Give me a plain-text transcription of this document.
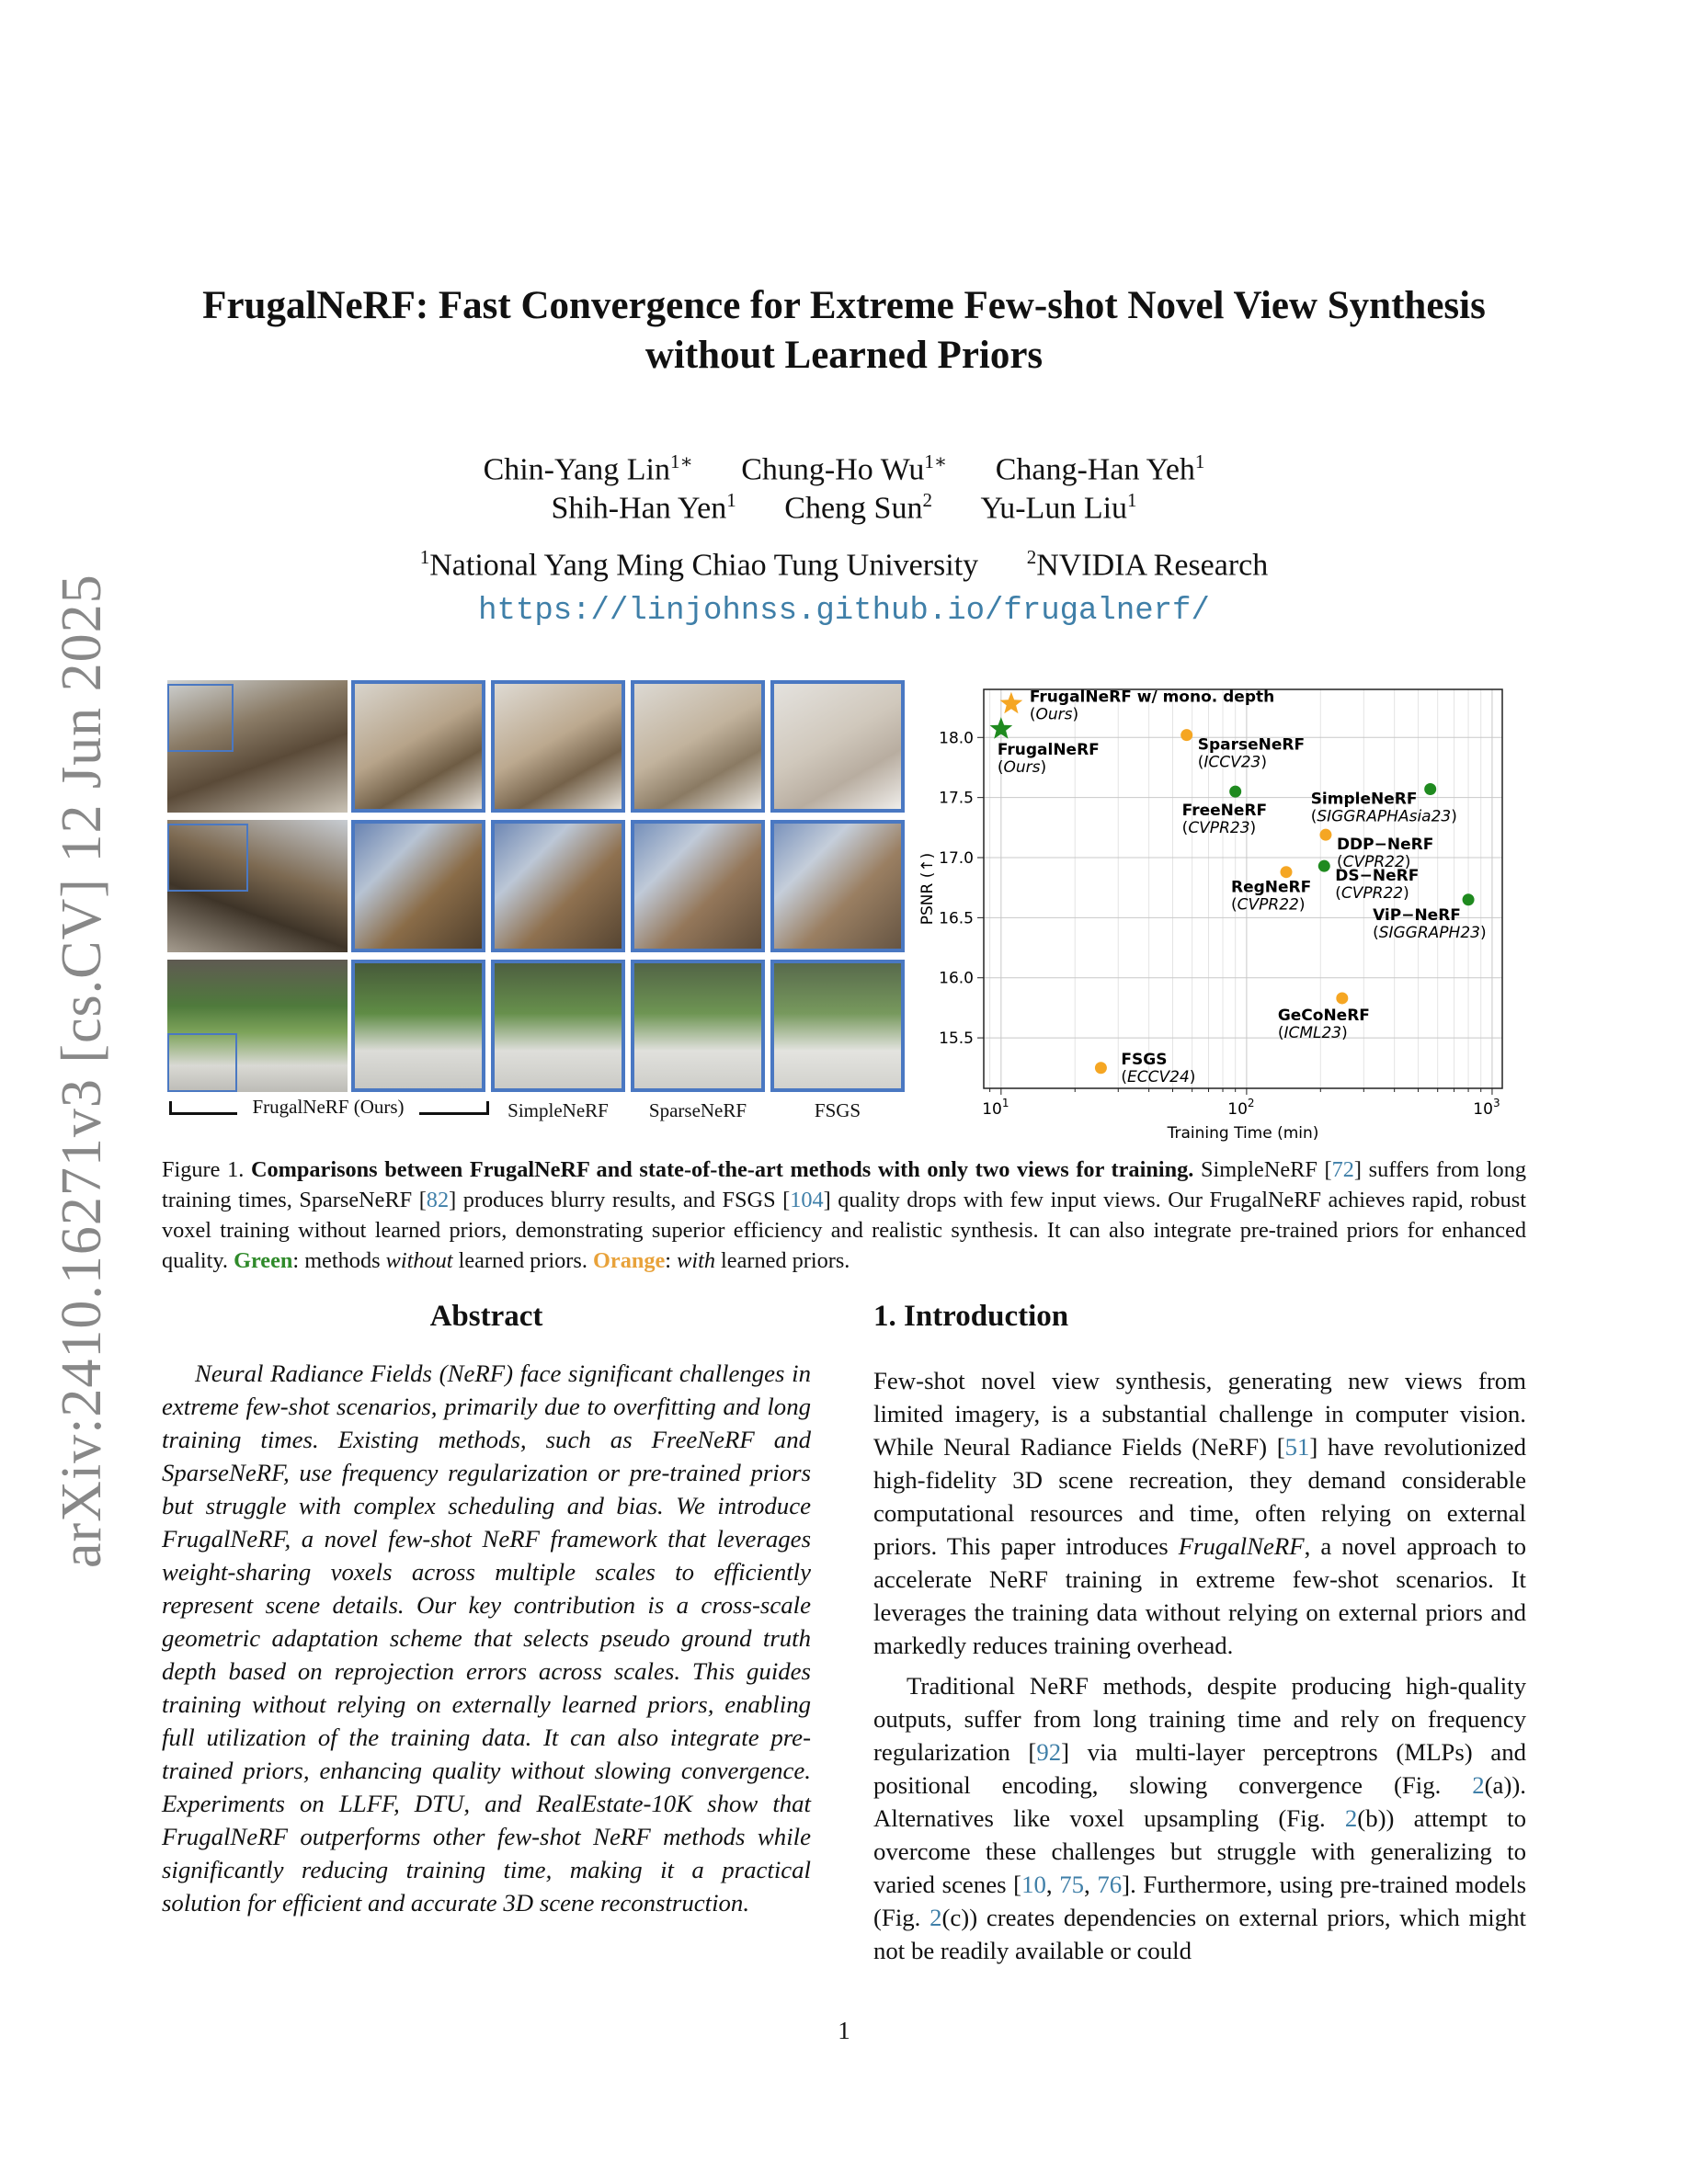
arXiv:2410.16271v3 [cs.CV] 12 Jun 2025
FrugalNeRF: Fast Convergence for Extreme Few-shot Novel View Synthesis
without Learned Priors
Chin-Yang Lin$^{1∗}$ Chung-Ho $Wu^{1∗}$ Chang-Han Yeh$^1$
Shih-Han Yen$^1$ Cheng Sun$^2$ Yu-Lun Liu$^1$
$^1$National Yang Ming Chiao Tung University	$^2$NVIDIA Research
https://linjohnss.github.io/frugalnerf/
FrugalNeRF (Ours)	SimpleNeRF	SparseNeRF	FSGS
15.5
16.0
16.5
17.0
17.5
18.0
$10^1$	$10^2$	$10^3$
FrugalNeRF w/ mono. depth
(Ours)
FrugalNeRF
(Ours)
SparseNeRF
(ICCV23)
FreeNeRF
(CVPR23)
SimpleNeRF
(SIGGRAPHAsia23)
DDP−NeRF
(CVPR22)
RegNeRF
(CVPR22)
DS−NeRF
(CVPR22)
ViP−NeRF
(SIGGRAPH23)
GeCoNeRF
(ICML23)
FSGS
(ECCV24)
Training Time (min)
PSNR (↑)
Figure 1. Comparisons between FrugalNeRF and state-of-the-art methods with only two views for training. SimpleNeRF [72] suffers from long training times, SparseNeRF [82] produces blurry results, and FSGS [104] quality drops with few input views. Our FrugalNeRF achieves rapid, robust voxel training without learned priors, demonstrating superior efficiency and realistic synthesis. It can also integrate pre-trained priors for enhanced quality. Green: methods without learned priors. Orange: with learned priors.
Abstract
Neural Radiance Fields (NeRF) face significant challenges in extreme few-shot scenarios, primarily due to overfitting and long training times. Existing methods, such as FreeNeRF and SparseNeRF, use frequency regularization or pre-trained priors but struggle with complex scheduling and bias. We introduce FrugalNeRF, a novel few-shot NeRF framework that leverages weight-sharing voxels across multiple scales to efficiently represent scene details. Our key contribution is a cross-scale geometric adaptation scheme that selects pseudo ground truth depth based on reprojection errors across scales. This guides training without relying on externally learned priors, enabling full utilization of the training data. It can also integrate pre-trained priors, enhancing quality without slowing convergence. Experiments on LLFF, DTU, and RealEstate-10K show that FrugalNeRF outperforms other few-shot NeRF methods while significantly reducing training time, making it a practical solution for efficient and accurate 3D scene reconstruction.
1. Introduction

Few-shot novel view synthesis, generating new views from limited imagery, is a substantial challenge in computer vision. While Neural Radiance Fields (NeRF) [51] have revolutionized high-fidelity 3D scene recreation, they demand considerable computational resources and time, often relying on external priors. This paper introduces FrugalNeRF, a novel approach to accelerate NeRF training in extreme few-shot scenarios. It leverages the training data without relying on external priors and markedly reduces training overhead.

Traditional NeRF methods, despite producing high-quality outputs, suffer from long training time and rely on frequency regularization [92] via multi-layer perceptrons (MLPs) and positional encoding, slowing convergence (Fig. 2(a)). Alternatives like voxel upsampling (Fig. 2(b)) attempt to overcome these challenges but struggle with generalizing to varied scenes [10, 75, 76]. Furthermore, using pre-trained models (Fig. 2(c)) creates dependencies on external priors, which might not be readily available or could

1
